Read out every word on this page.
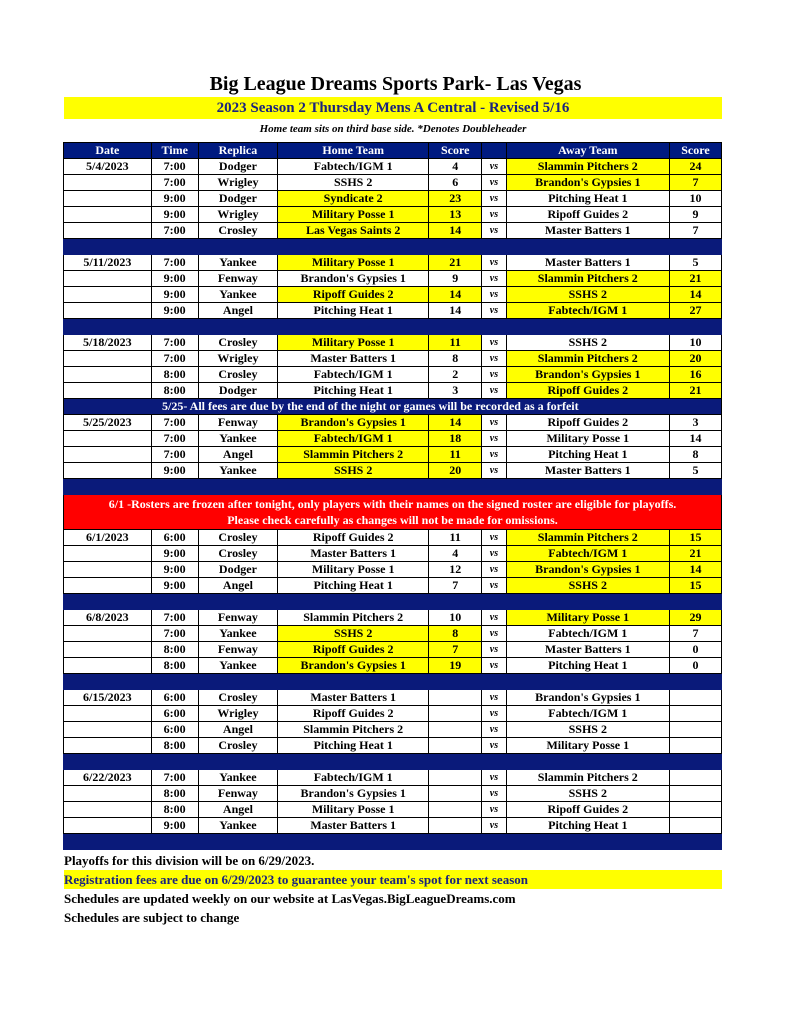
Big League Dreams Sports Park- Las Vegas
2023 Season 2 Thursday Mens A Central - Revised 5/16
Home team sits on third base side. *Denotes Doubleheader
Date	Time	Replica	Home Team	Score		Away Team	Score
5/4/2023	7:00	Dodger	Fabtech/IGM 1	4	vs	Slammin Pitchers 2	24
	7:00	Wrigley	SSHS 2	6	vs	Brandon's Gypsies 1	7
	9:00	Dodger	Syndicate 2	23	vs	Pitching Heat 1	10
	9:00	Wrigley	Military Posse 1	13	vs	Ripoff Guides 2	9
	7:00	Crosley	Las Vegas Saints 2	14	vs	Master Batters 1	7

5/11/2023	7:00	Yankee	Military Posse 1	21	vs	Master Batters 1	5
	9:00	Fenway	Brandon's Gypsies 1	9	vs	Slammin Pitchers 2	21
	9:00	Yankee	Ripoff Guides 2	14	vs	SSHS 2	14
	9:00	Angel	Pitching Heat 1	14	vs	Fabtech/IGM 1	27

5/18/2023	7:00	Crosley	Military Posse 1	11	vs	SSHS 2	10
	7:00	Wrigley	Master Batters 1	8	vs	Slammin Pitchers 2	20
	8:00	Crosley	Fabtech/IGM 1	2	vs	Brandon's Gypsies 1	16
	8:00	Dodger	Pitching Heat 1	3	vs	Ripoff Guides 2	21
5/25- All fees are due by the end of the night or games will be recorded as a forfeit							
5/25/2023	7:00	Fenway	Brandon's Gypsies 1	14	vs	Ripoff Guides 2	3
	7:00	Yankee	Fabtech/IGM 1	18	vs	Military Posse 1	14
	7:00	Angel	Slammin Pitchers 2	11	vs	Pitching Heat 1	8
	9:00	Yankee	SSHS 2	20	vs	Master Batters 1	5

6/1 -Rosters are frozen after tonight, only players with their names on the signed roster are eligible for playoffs.
Please check carefully as changes will not be made for omissions.							

6/1/2023	6:00	Crosley	Ripoff Guides 2	11	vs	Slammin Pitchers 2	15
	9:00	Crosley	Master Batters 1	4	vs	Fabtech/IGM 1	21
	9:00	Dodger	Military Posse 1	12	vs	Brandon's Gypsies 1	14
	9:00	Angel	Pitching Heat 1	7	vs	SSHS 2	15

6/8/2023	7:00	Fenway	Slammin Pitchers 2	10	vs	Military Posse 1	29
	7:00	Yankee	SSHS 2	8	vs	Fabtech/IGM 1	7
	8:00	Fenway	Ripoff Guides 2	7	vs	Master Batters 1	0
	8:00	Yankee	Brandon's Gypsies 1	19	vs	Pitching Heat 1	0

6/15/2023	6:00	Crosley	Master Batters 1		vs	Brandon's Gypsies 1	
	6:00	Wrigley	Ripoff Guides 2		vs	Fabtech/IGM 1	
	6:00	Angel	Slammin Pitchers 2		vs	SSHS 2	
	8:00	Crosley	Pitching Heat 1		vs	Military Posse 1	

6/22/2023	7:00	Yankee	Fabtech/IGM 1		vs	Slammin Pitchers 2	
	8:00	Fenway	Brandon's Gypsies 1		vs	SSHS 2	
	8:00	Angel	Military Posse 1		vs	Ripoff Guides 2	
	9:00	Yankee	Master Batters 1		vs	Pitching Heat 1	

Playoffs for this division will be on 6/29/2023.
Registration fees are due on 6/29/2023 to guarantee your team's spot for next season
Schedules are updated weekly on our website at LasVegas.BigLeagueDreams.com
Schedules are subject to change
